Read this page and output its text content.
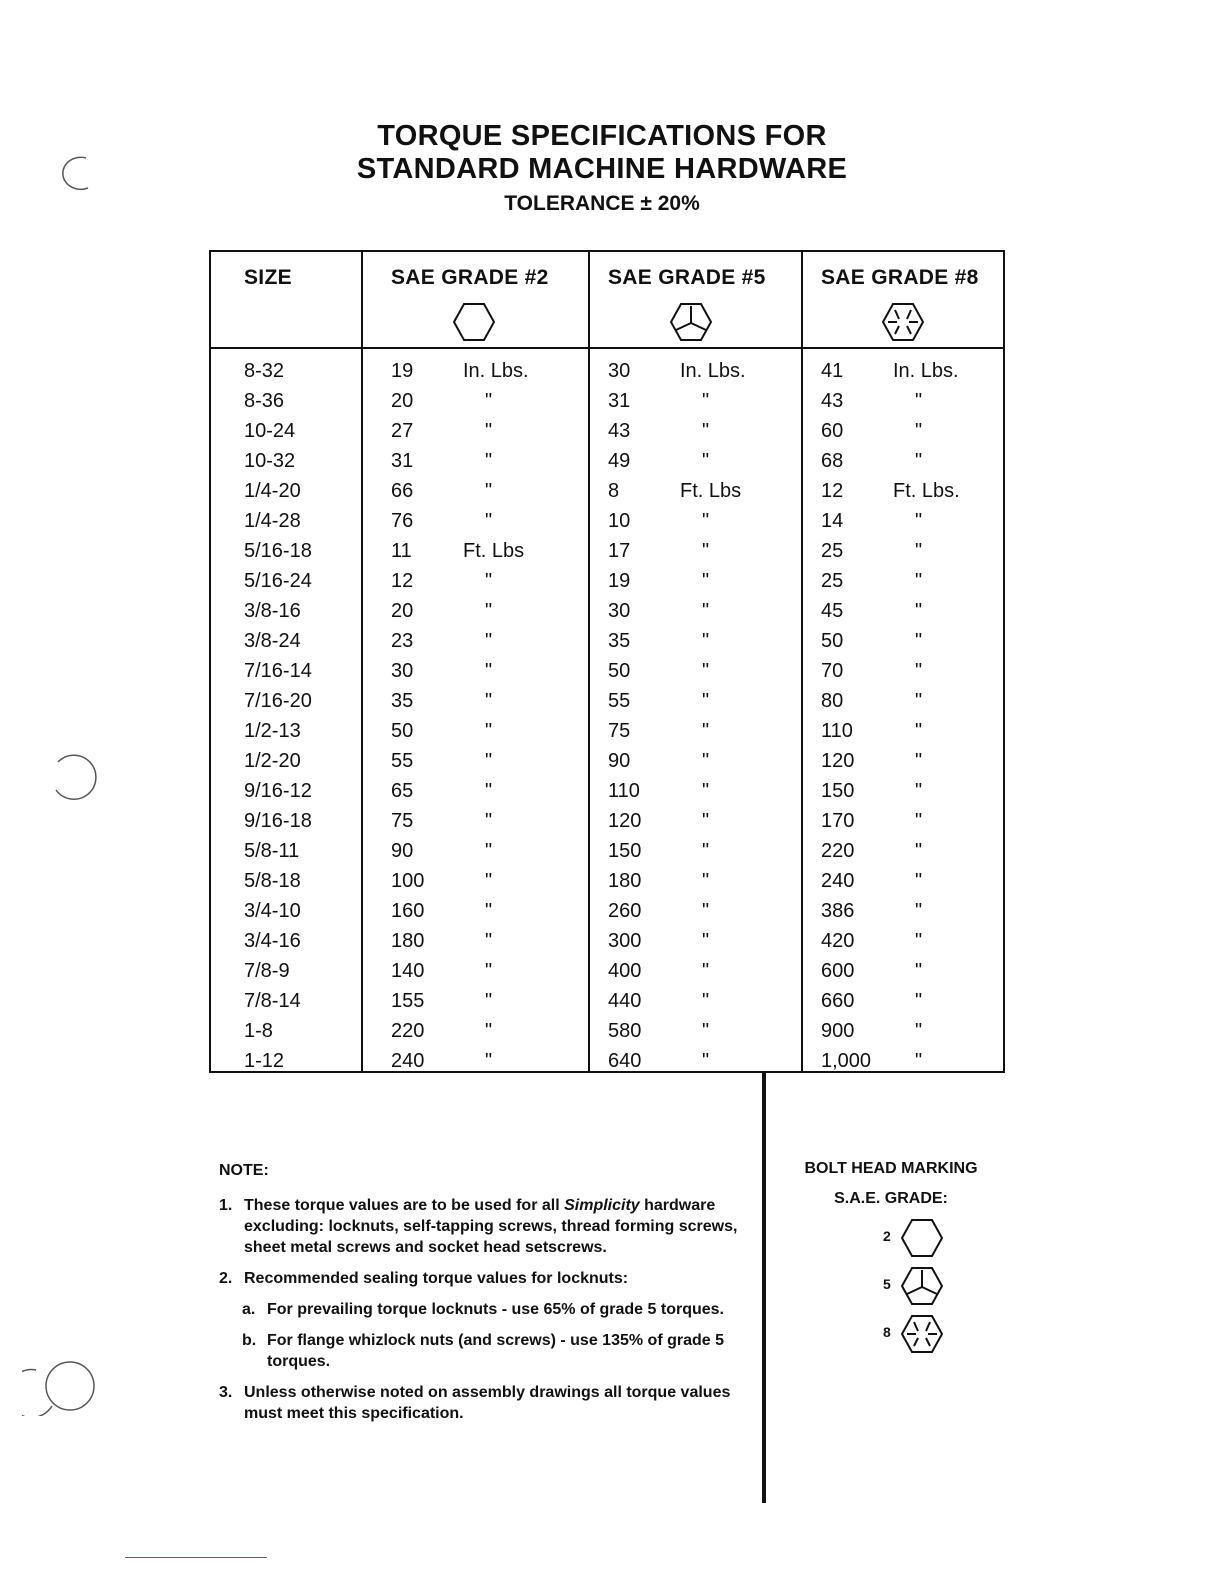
TORQUE SPECIFICATIONS FOR
STANDARD MACHINE HARDWARE
TOLERANCE ± 20%
SIZE	SAE GRADE #2	SAE GRADE #5	SAE GRADE #8
8-32	19 In. Lbs.	30 In. Lbs.	41 In. Lbs.
8-36	20	"	31	"	43	"
10-24	27	"	43	"	60	"
10-32	31	"	49	"	68	"
1/4-20	66	"	8	Ft. Lbs	12 Ft. Lbs.
1/4-28	76	"	10	"	14	"
5/16-18	11	Ft. Lbs	17	"	25	"
5/16-24	12	"	19	"	25	"
3/8-16	20	"	30	"	45	"
3/8-24	23	"	35	"	50	"
7/16-14	30	"	50	"	70	"
7/16-20	35	"	55	"	80	"
1/2-13	50	"	75	"	110	"
1/2-20	55	"	90	"	120	"
9/16-12	65	"	110	"	150	"
9/16-18	75	"	120	"	170	"
5/8-11	90	"	150	"	220	"
5/8-18	100	"	180	"	240	"
3/4-10	160	"	260	"	386	"
3/4-16	180	"	300	"	420	"
7/8-9	140	"	400	"	600	"
7/8-14	155	"	440	"	660	"
1-8	220	"	580	"	900	"
1-12	240	"	640	"	1,000	"
NOTE:
1. These torque values are to be used for all Simplicity hardware excluding: locknuts, self-tapping screws, thread forming screws, sheet metal screws and socket head setscrews.
2. Recommended sealing torque values for locknuts:
a. For prevailing torque locknuts - use 65% of grade 5 torques.
b. For flange whizlock nuts (and screws) - use 135% of grade 5 torques.
3. Unless otherwise noted on assembly drawings all torque values must meet this specification.
BOLT HEAD MARKING
S.A.E. GRADE:
2
5
8
